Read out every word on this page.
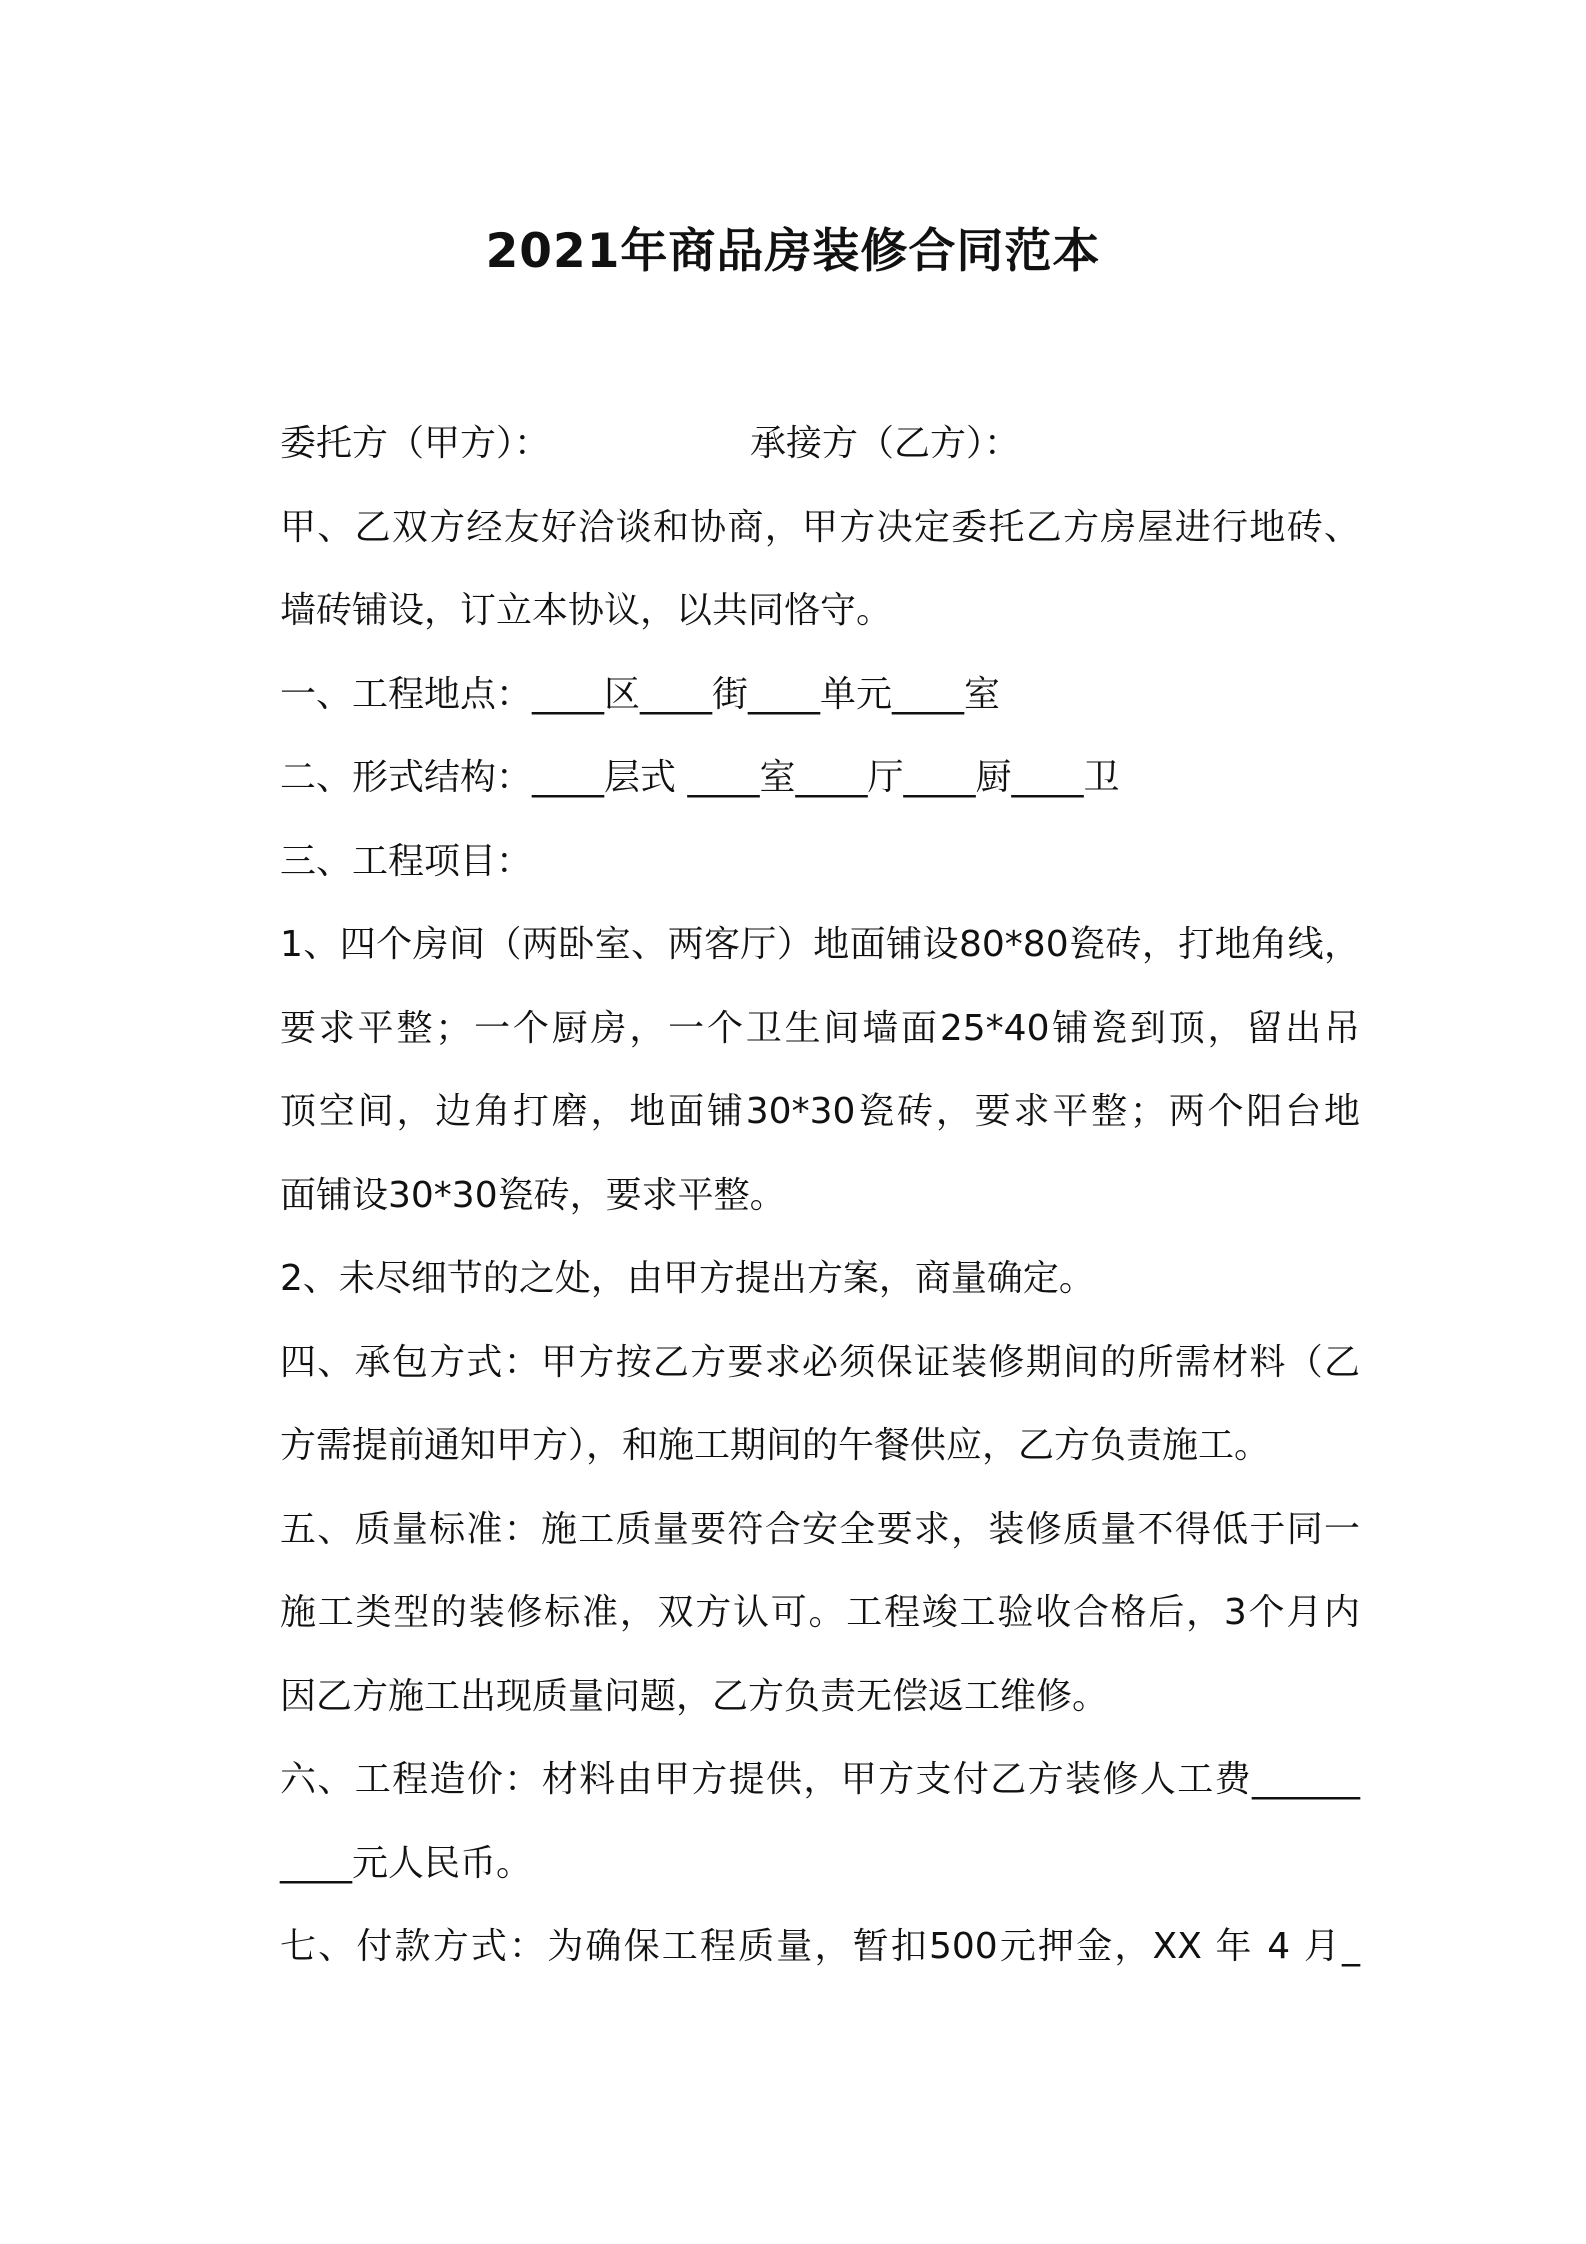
2021年商品房装修合同范本
委托方（甲方）：	承接方（乙方）：
甲、乙双方经友好洽谈和协商，甲方决定委托乙方房屋进行地砖、
墙砖铺设，订立本协议，以共同恪守。
一、工程地点：____区____街____单元____室
二、形式结构：____层式 ____室____厅____厨____卫
三、工程项目：
1、四个房间（两卧室、两客厅）地面铺设80*80瓷砖，打地角线，
要求平整；一个厨房，一个卫生间墙面25*40铺瓷到顶，留出吊
顶空间，边角打磨，地面铺30*30瓷砖，要求平整；两个阳台地
面铺设30*30瓷砖，要求平整。
2、未尽细节的之处，由甲方提出方案，商量确定。
四、承包方式：甲方按乙方要求必须保证装修期间的所需材料（乙
方需提前通知甲方），和施工期间的午餐供应，乙方负责施工。
五、质量标准：施工质量要符合安全要求，装修质量不得低于同一
施工类型的装修标准，双方认可。工程竣工验收合格后，3个月内
因乙方施工出现质量问题，乙方负责无偿返工维修。
六、工程造价：材料由甲方提供，甲方支付乙方装修人工费______
____元人民币。
七、付款方式：为确保工程质量，暂扣500元押金，XX 年 4 月_
